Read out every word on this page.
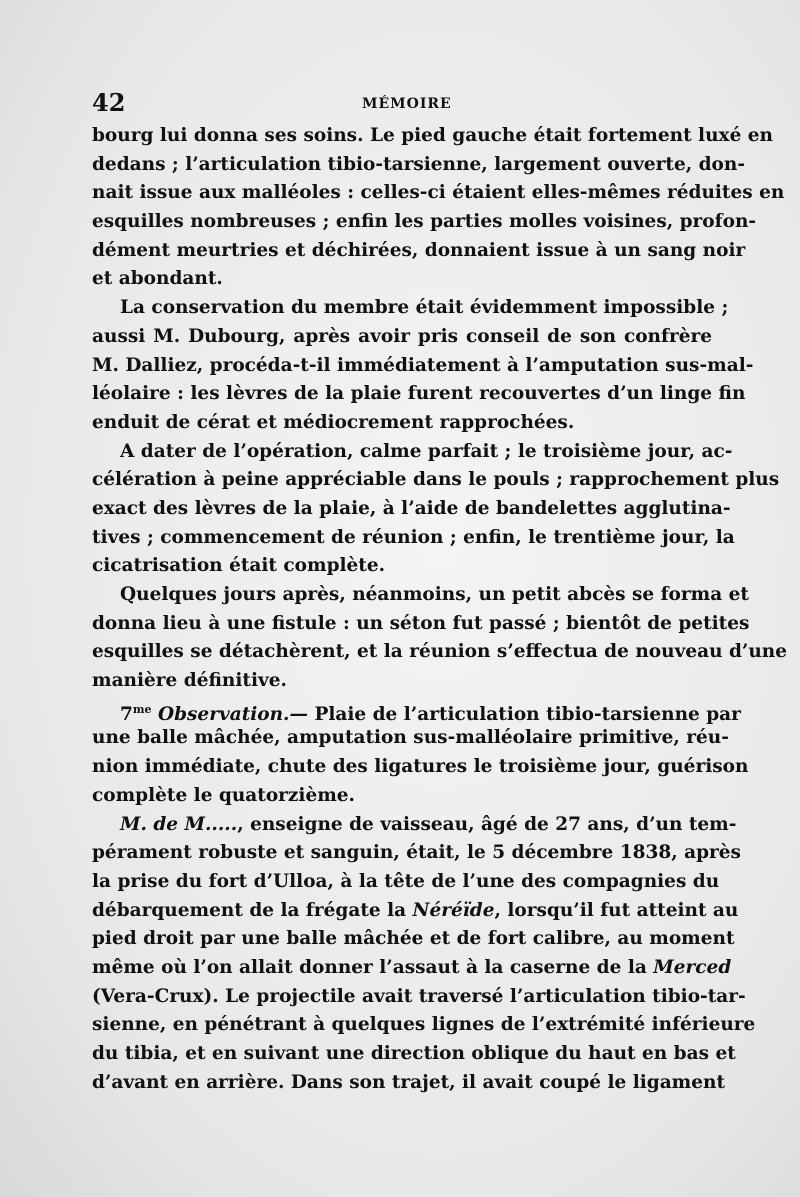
42	MÉMOIRE
bourg lui donna ses soins. Le pied gauche était fortement luxé en
dedans ; l’articulation tibio-tarsienne, largement ouverte, don-
nait issue aux malléoles : celles-ci étaient elles-mêmes réduites en
esquilles nombreuses ; enfin les parties molles voisines, profon-
dément meurtries et déchirées, donnaient issue à un sang noir
et abondant.
La conservation du membre était évidemment impossible ;
aussi M. Dubourg, après avoir pris conseil de son confrère
M. Dalliez, procéda-t-il immédiatement à l’amputation sus-mal-
léolaire : les lèvres de la plaie furent recouvertes d’un linge fin
enduit de cérat et médiocrement rapprochées.
A dater de l’opération, calme parfait ; le troisième jour, ac-
célération à peine appréciable dans le pouls ; rapprochement plus
exact des lèvres de la plaie, à l’aide de bandelettes agglutina-
tives ; commencement de réunion ; enfin, le trentième jour, la
cicatrisation était complète.
Quelques jours après, néanmoins, un petit abcès se forma et
donna lieu à une fistule : un séton fut passé ; bientôt de petites
esquilles se détachèrent, et la réunion s’effectua de nouveau d’une
manière définitive.
$7^{me}$ Observation.— Plaie de l’articulation tibio-tarsienne par
une balle mâchée, amputation sus-malléolaire primitive, réu-
nion immédiate, chute des ligatures le troisième jour, guérison
complète le quatorzième.
M. de M....., enseigne de vaisseau, âgé de 27 ans, d’un tem-
pérament robuste et sanguin, était, le 5 décembre 1838, après
la prise du fort d’Ulloa, à la tête de l’une des compagnies du
débarquement de la frégate la Néréïde, lorsqu’il fut atteint au
pied droit par une balle mâchée et de fort calibre, au moment
même où l’on allait donner l’assaut à la caserne de la Merced
(Vera-Crux). Le projectile avait traversé l’articulation tibio-tar-
sienne, en pénétrant à quelques lignes de l’extrémité inférieure
du tibia, et en suivant une direction oblique du haut en bas et
d’avant en arrière. Dans son trajet, il avait coupé le ligament
